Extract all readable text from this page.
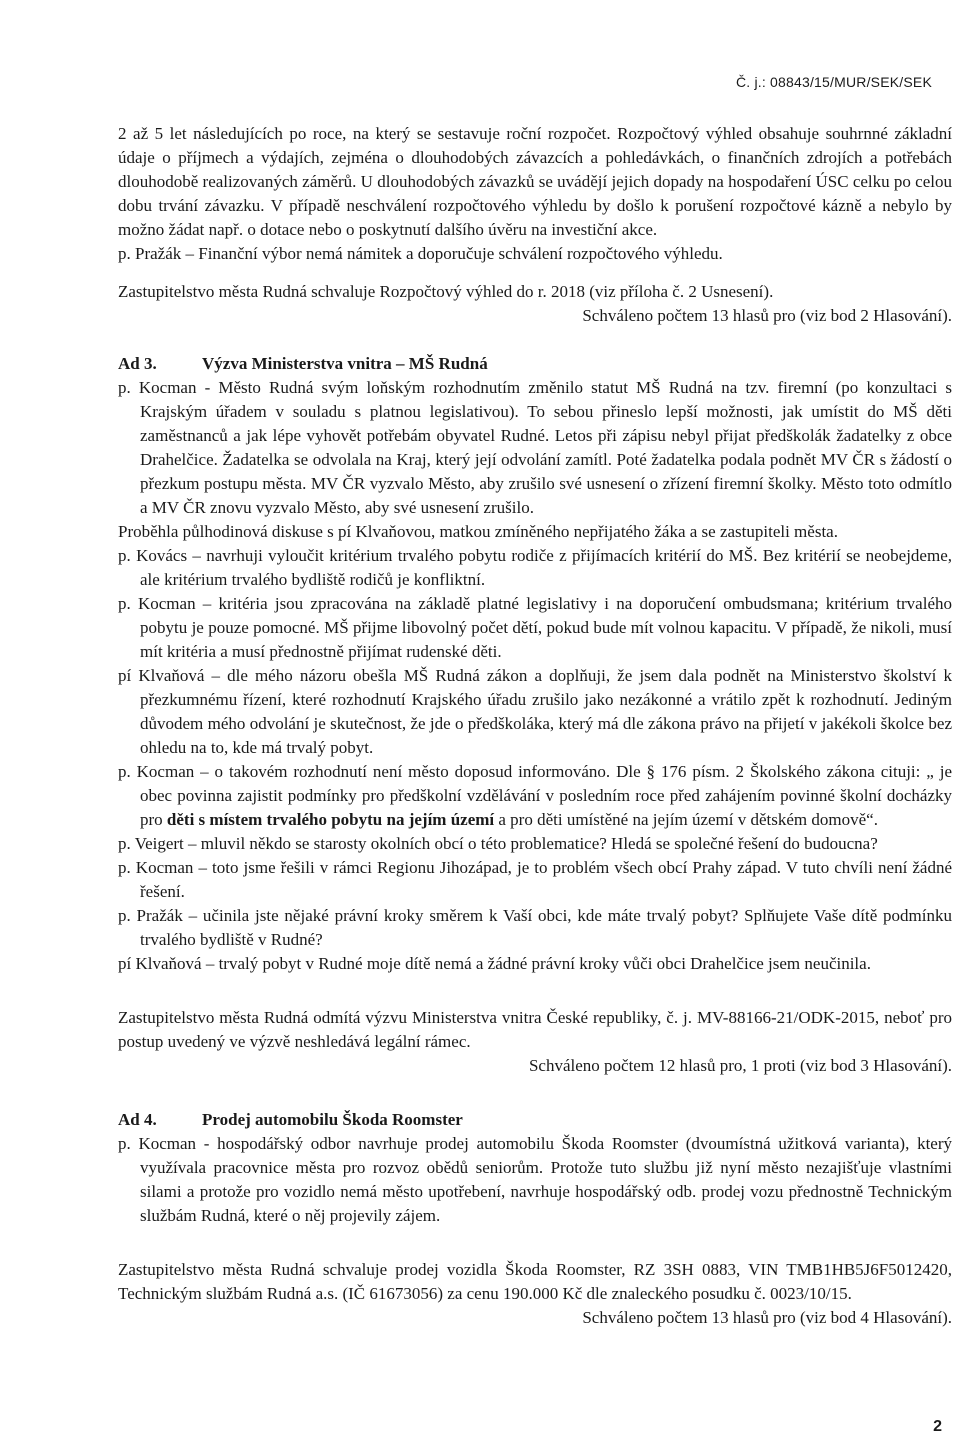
Č. j.: 08843/15/MUR/SEK/SEK

2 až 5 let následujících po roce, na který se sestavuje roční rozpočet. Rozpočtový výhled obsahuje souhrnné základní údaje o příjmech a výdajích, zejména o dlouhodobých závazcích a pohledávkách, o finančních zdrojích a potřebách dlouhodobě realizovaných záměrů. U dlouhodobých závazků se uvádějí jejich dopady na hospodaření ÚSC celku po celou dobu trvání závazku. V případě neschválení rozpočtového výhledu by došlo k porušení rozpočtové kázně a nebylo by možno žádat např. o dotace nebo o poskytnutí dalšího úvěru na investiční akce.

p. Pražák – Finanční výbor nemá námitek a doporučuje schválení rozpočtového výhledu.

Zastupitelstvo města Rudná schvaluje Rozpočtový výhled do r. 2018 (viz příloha č. 2 Usnesení).

Schváleno počtem 13 hlasů pro (viz bod 2 Hlasování).

Ad 3.	Výzva Ministerstva vnitra – MŠ Rudná

p. Kocman - Město Rudná svým loňským rozhodnutím změnilo statut MŠ Rudná na tzv. firemní (po konzultaci s Krajským úřadem v souladu s platnou legislativou). To sebou přineslo lepší možnosti, jak umístit do MŠ děti zaměstnanců a jak lépe vyhovět potřebám obyvatel Rudné. Letos při zápisu nebyl přijat předškolák žadatelky z obce Drahelčice. Žadatelka se odvolala na Kraj, který její odvolání zamítl. Poté žadatelka podala podnět MV ČR s žádostí o přezkum postupu města. MV ČR vyzvalo Město, aby zrušilo své usnesení o zřízení firemní školky. Město toto odmítlo a MV ČR znovu vyzvalo Město, aby své usnesení zrušilo.

Proběhla půlhodinová diskuse s pí Klvaňovou, matkou zmíněného nepřijatého žáka a se zastupiteli města.

p. Kovács – navrhuji vyloučit kritérium trvalého pobytu rodiče z přijímacích kritérií do MŠ. Bez kritérií se neobejdeme, ale kritérium trvalého bydliště rodičů je konfliktní.

p. Kocman – kritéria jsou zpracována na základě platné legislativy i na doporučení ombudsmana; kritérium trvalého pobytu je pouze pomocné. MŠ přijme libovolný počet dětí, pokud bude mít volnou kapacitu. V případě, že nikoli, musí mít kritéria a musí přednostně přijímat rudenské děti.

pí Klvaňová – dle mého názoru obešla MŠ Rudná zákon a doplňuji, že jsem dala podnět na Ministerstvo školství k přezkumnému řízení, které rozhodnutí Krajského úřadu zrušilo jako nezákonné a vrátilo zpět k rozhodnutí. Jediným důvodem mého odvolání je skutečnost, že jde o předškoláka, který má dle zákona právo na přijetí v jakékoli školce bez ohledu na to, kde má trvalý pobyt.

p. Kocman – o takovém rozhodnutí není město doposud informováno. Dle § 176 písm. 2 Školského zákona cituji: „ je obec povinna zajistit podmínky pro předškolní vzdělávání v posledním roce před zahájením povinné školní docházky pro děti s místem trvalého pobytu na jejím území a pro děti umístěné na jejím území v dětském domově“.

p. Veigert – mluvil někdo se starosty okolních obcí o této problematice? Hledá se společné řešení do budoucna?

p. Kocman – toto jsme řešili v rámci Regionu Jihozápad, je to problém všech obcí Prahy západ. V tuto chvíli není žádné řešení.

p. Pražák – učinila jste nějaké právní kroky směrem k Vaší obci, kde máte trvalý pobyt? Splňujete Vaše dítě podmínku trvalého bydliště v Rudné?

pí Klvaňová – trvalý pobyt v Rudné moje dítě nemá a žádné právní kroky vůči obci Drahelčice jsem neučinila.

Zastupitelstvo města Rudná odmítá výzvu Ministerstva vnitra České republiky, č. j. MV-88166-21/ODK-2015, neboť pro postup uvedený ve výzvě neshledává legální rámec.

Schváleno počtem 12 hlasů pro, 1 proti (viz bod 3 Hlasování).

Ad 4.	Prodej automobilu Škoda Roomster

p. Kocman - hospodářský odbor navrhuje prodej automobilu Škoda Roomster (dvoumístná užitková varianta), který využívala pracovnice města pro rozvoz obědů seniorům. Protože tuto službu již nyní město nezajišťuje vlastními silami a protože pro vozidlo nemá město upotřebení, navrhuje hospodářský odb. prodej vozu přednostně Technickým službám Rudná, které o něj projevily zájem.

Zastupitelstvo města Rudná schvaluje prodej vozidla Škoda Roomster, RZ 3SH 0883, VIN TMB1HB5J6F5012420, Technickým službám Rudná a.s. (IČ 61673056) za cenu 190.000 Kč dle znaleckého posudku č. 0023/10/15.
Schváleno počtem 13 hlasů pro (viz bod 4 Hlasování).

2
